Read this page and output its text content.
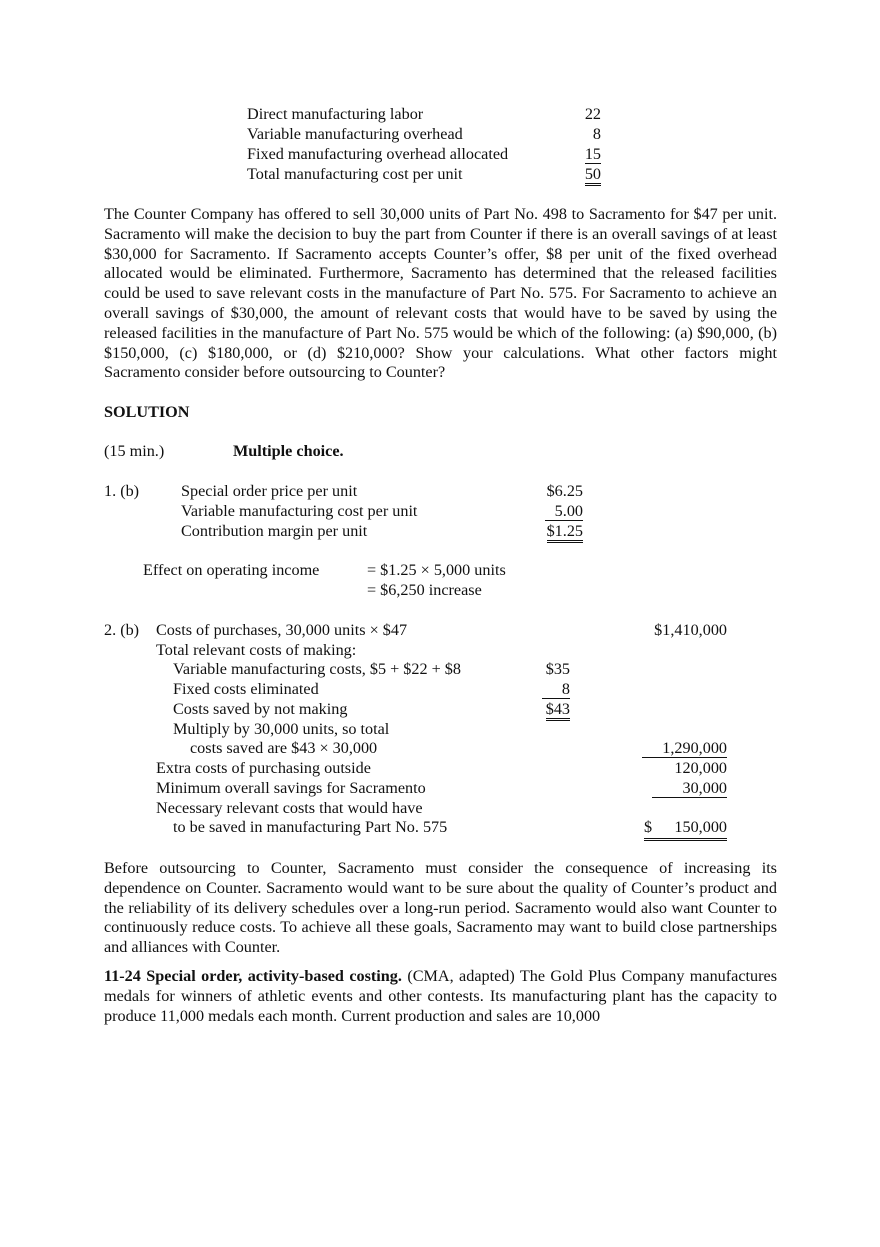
Direct manufacturing labor	22
Variable manufacturing overhead	8
Fixed manufacturing overhead allocated	15
Total manufacturing cost per unit	50
The Counter Company has offered to sell 30,000 units of Part No. 498 to Sacramento for $47 per unit. Sacramento will make the decision to buy the part from Counter if there is an overall savings of at least $30,000 for Sacramento. If Sacramento accepts Counter’s offer, $8 per unit of the fixed overhead allocated would be eliminated. Furthermore, Sacramento has determined that the released facilities could be used to save relevant costs in the manufacture of Part No. 575. For Sacramento to achieve an overall savings of $30,000, the amount of relevant costs that would have to be saved by using the released facilities in the manufacture of Part No. 575 would be which of the following: (a) $90,000, (b) $150,000, (c) $180,000, or (d) $210,000? Show your calculations. What other factors might Sacramento consider before outsourcing to Counter?
SOLUTION
(15 min.)	Multiple choice.
1. (b)	Special order price per unit	$6.25
Variable manufacturing cost per unit	5.00
Contribution margin per unit	$1.25
Effect on operating income	= $1.25 × 5,000 units
= $6,250 increase
2. (b) Costs of purchases, 30,000 units × $47	$1,410,000
Total relevant costs of making:
Variable manufacturing costs, $5 + $22 + $8	$35
Fixed costs eliminated	8
Costs saved by not making	$43
Multiply by 30,000 units, so total
costs saved are $43 × 30,000	1,290,000
Extra costs of purchasing outside	120,000
Minimum overall savings for Sacramento	30,000
Necessary relevant costs that would have
to be saved in manufacturing Part No. 575	$ 150,000
Before outsourcing to Counter, Sacramento must consider the consequence of increasing its dependence on Counter. Sacramento would want to be sure about the quality of Counter’s product and the reliability of its delivery schedules over a long-run period. Sacramento would also want Counter to continuously reduce costs. To achieve all these goals, Sacramento may want to build close partnerships and alliances with Counter.
11-24 Special order, activity-based costing. (CMA, adapted) The Gold Plus Company manufactures medals for winners of athletic events and other contests. Its manufacturing plant has the capacity to produce 11,000 medals each month. Current production and sales are 10,000
